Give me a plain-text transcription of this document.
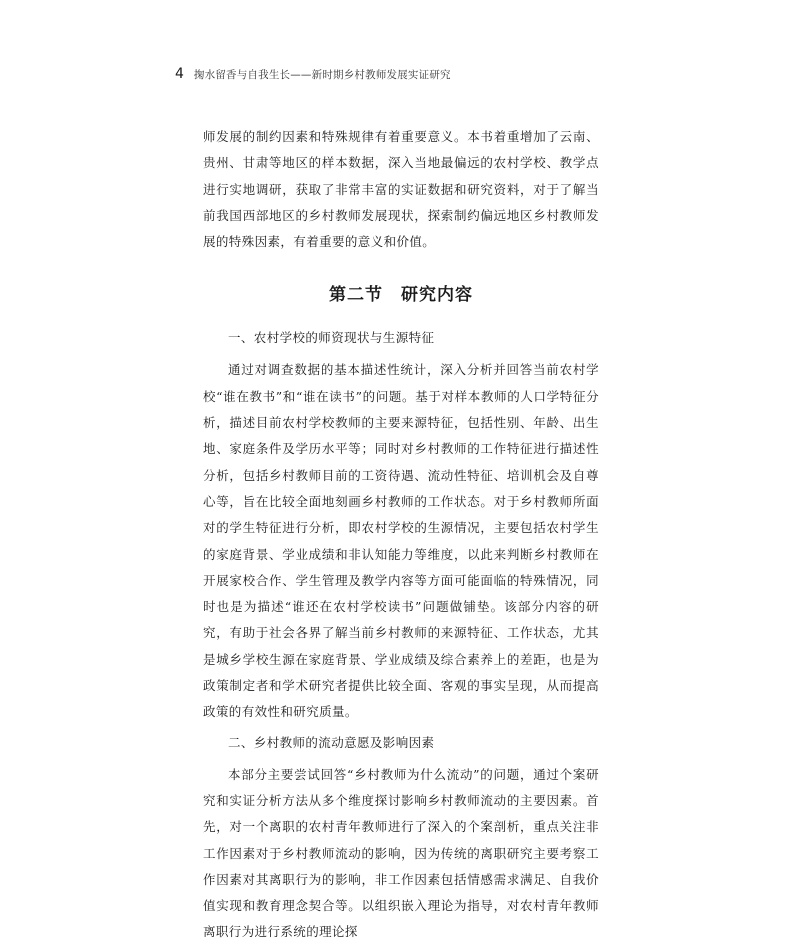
4 掬水留香与自我生长——新时期乡村教师发展实证研究

师发展的制约因素和特殊规律有着重要意义。本书着重增加了云南、贵州、甘肃等地区的样本数据，深入当地最偏远的农村学校、教学点进行实地调研，获取了非常丰富的实证数据和研究资料，对于了解当前我国西部地区的乡村教师发展现状，探索制约偏远地区乡村教师发展的特殊因素，有着重要的意义和价值。

第二节　研究内容
一、农村学校的师资现状与生源特征

通过对调查数据的基本描述性统计，深入分析并回答当前农村学校“谁在教书”和“谁在读书”的问题。基于对样本教师的人口学特征分析，描述目前农村学校教师的主要来源特征，包括性别、年龄、出生地、家庭条件及学历水平等；同时对乡村教师的工作特征进行描述性分析，包括乡村教师目前的工资待遇、流动性特征、培训机会及自尊心等，旨在比较全面地刻画乡村教师的工作状态。对于乡村教师所面对的学生特征进行分析，即农村学校的生源情况，主要包括农村学生的家庭背景、学业成绩和非认知能力等维度，以此来判断乡村教师在开展家校合作、学生管理及教学内容等方面可能面临的特殊情况，同时也是为描述“谁还在农村学校读书”问题做铺垫。该部分内容的研究，有助于社会各界了解当前乡村教师的来源特征、工作状态，尤其是城乡学校生源在家庭背景、学业成绩及综合素养上的差距，也是为政策制定者和学术研究者提供比较全面、客观的事实呈现，从而提高政策的有效性和研究质量。

二、乡村教师的流动意愿及影响因素

本部分主要尝试回答“乡村教师为什么流动”的问题，通过个案研究和实证分析方法从多个维度探讨影响乡村教师流动的主要因素。首先，对一个离职的农村青年教师进行了深入的个案剖析，重点关注非工作因素对于乡村教师流动的影响，因为传统的离职研究主要考察工作因素对其离职行为的影响，非工作因素包括情感需求满足、自我价值实现和教育理念契合等。以组织嵌入理论为指导，对农村青年教师离职行为进行系统的理论探
